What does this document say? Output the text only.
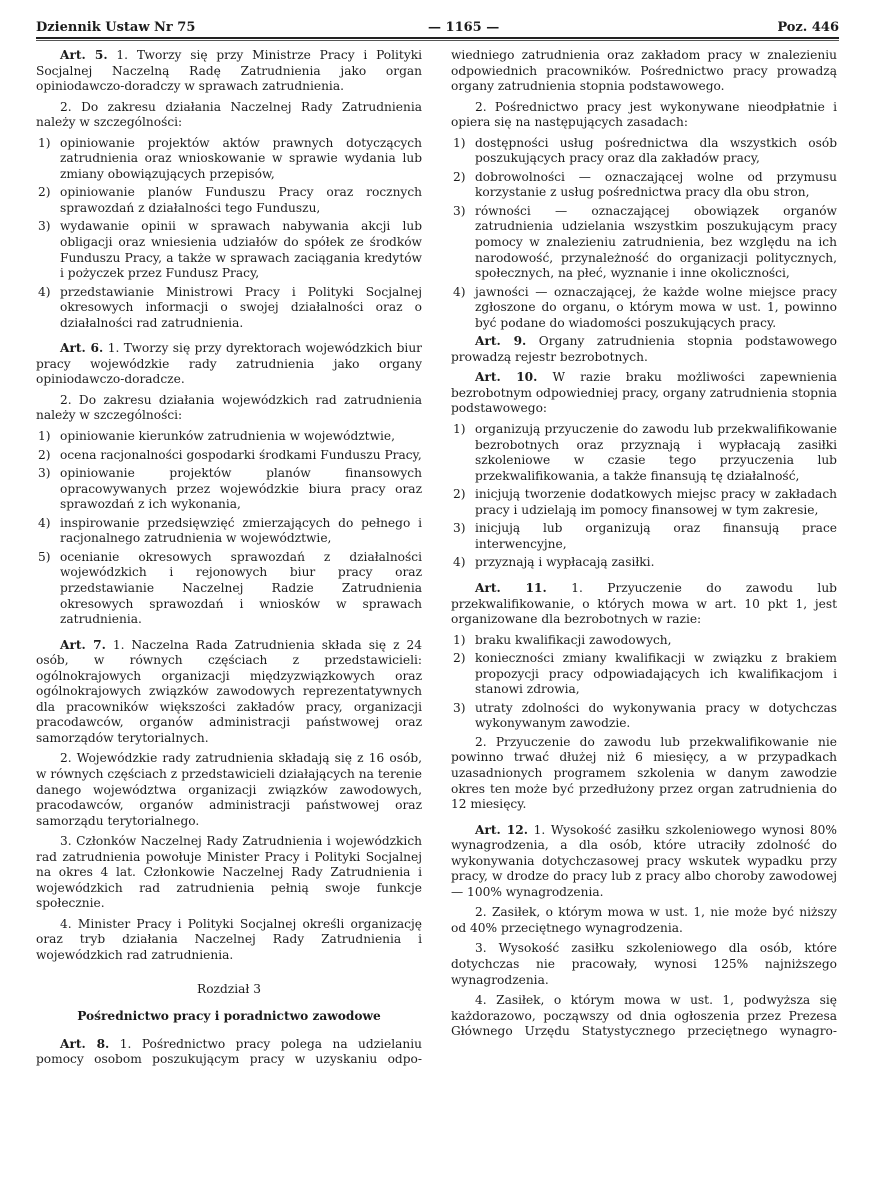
Dziennik Ustaw Nr 75	— 1165 —	Poz. 446

Art. 5. 1. Tworzy się przy Ministrze Pracy i Polityki Socjalnej Naczelną Radę Zatrudnienia jako organ opiniodawczo-doradczy w sprawach zatrudnienia.

2. Do zakresu działania Naczelnej Rady Zatrudnienia należy w szczególności:

1) opiniowanie projektów aktów prawnych dotyczących zatrudnienia oraz wnioskowanie w sprawie wydania lub zmiany obowiązujących przepisów,

2) opiniowanie planów Funduszu Pracy oraz rocznych sprawozdań z działalności tego Funduszu,

3) wydawanie opinii w sprawach nabywania akcji lub obligacji oraz wniesienia udziałów do spółek ze środków Funduszu Pracy, a także w sprawach zaciągania kredytów i pożyczek przez Fundusz Pracy,

4) przedstawianie Ministrowi Pracy i Polityki Socjalnej okresowych informacji o swojej działalności oraz o działalności rad zatrudnienia.

Art. 6. 1. Tworzy się przy dyrektorach wojewódzkich biur pracy wojewódzkie rady zatrudnienia jako organy opiniodawczo-doradcze.

2. Do zakresu działania wojewódzkich rad zatrudnienia należy w szczególności:

1) opiniowanie kierunków zatrudnienia w województwie,

2) ocena racjonalności gospodarki środkami Funduszu Pracy,

3) opiniowanie projektów planów finansowych opracowywanych przez wojewódzkie biura pracy oraz sprawozdań z ich wykonania,

4) inspirowanie przedsięwzięć zmierzających do pełnego i racjonalnego zatrudnienia w województwie,

5) ocenianie okresowych sprawozdań z działalności wojewódzkich i rejonowych biur pracy oraz przedstawianie Naczelnej Radzie Zatrudnienia okresowych sprawozdań i wniosków w sprawach zatrudnienia.

Art. 7. 1. Naczelna Rada Zatrudnienia składa się z 24 osób, w równych częściach z przedstawicieli: ogólnokrajowych organizacji międzyzwiązkowych oraz ogólnokrajowych związków zawodowych reprezentatywnych dla pracowników większości zakładów pracy, organizacji pracodawców, organów administracji państwowej oraz samorządów terytorialnych.

2. Wojewódzkie rady zatrudnienia składają się z 16 osób, w równych częściach z przedstawicieli działających na terenie danego województwa organizacji związków zawodowych, pracodawców, organów administracji państwowej oraz samorządu terytorialnego.

3. Członków Naczelnej Rady Zatrudnienia i wojewódzkich rad zatrudnienia powołuje Minister Pracy i Polityki Socjalnej na okres 4 lat. Członkowie Naczelnej Rady Zatrudnienia i wojewódzkich rad zatrudnienia pełnią swoje funkcje społecznie.

4. Minister Pracy i Polityki Socjalnej określi organizację oraz tryb działania Naczelnej Rady Zatrudnienia i wojewódzkich rad zatrudnienia.

Rozdział 3

Pośrednictwo pracy i poradnictwo zawodowe

Art. 8. 1. Pośrednictwo pracy polega na udzielaniu pomocy osobom poszukującym pracy w uzyskaniu odpo-

wiedniego zatrudnienia oraz zakładom pracy w znalezieniu odpowiednich pracowników. Pośrednictwo pracy prowadzą organy zatrudnienia stopnia podstawowego.

2. Pośrednictwo pracy jest wykonywane nieodpłatnie i opiera się na następujących zasadach:

1) dostępności usług pośrednictwa dla wszystkich osób poszukujących pracy oraz dla zakładów pracy,

2) dobrowolności — oznaczającej wolne od przymusu korzystanie z usług pośrednictwa pracy dla obu stron,

3) równości — oznaczającej obowiązek organów zatrudnienia udzielania wszystkim poszukującym pracy pomocy w znalezieniu zatrudnienia, bez względu na ich narodowość, przynależność do organizacji politycznych, społecznych, na płeć, wyznanie i inne okoliczności,

4) jawności — oznaczającej, że każde wolne miejsce pracy zgłoszone do organu, o którym mowa w ust. 1, powinno być podane do wiadomości poszukujących pracy.

Art. 9. Organy zatrudnienia stopnia podstawowego prowadzą rejestr bezrobotnych.

Art. 10. W razie braku możliwości zapewnienia bezrobotnym odpowiedniej pracy, organy zatrudnienia stopnia podstawowego:

1) organizują przyuczenie do zawodu lub przekwalifikowanie bezrobotnych oraz przyznają i wypłacają zasiłki szkoleniowe w czasie tego przyuczenia lub przekwalifikowania, a także finansują tę działalność,

2) inicjują tworzenie dodatkowych miejsc pracy w zakładach pracy i udzielają im pomocy finansowej w tym zakresie,

3) inicjują lub organizują oraz finansują prace interwencyjne,

4) przyznają i wypłacają zasiłki.

Art. 11. 1. Przyuczenie do zawodu lub przekwalifikowanie, o których mowa w art. 10 pkt 1, jest organizowane dla bezrobotnych w razie:

1) braku kwalifikacji zawodowych,

2) konieczności zmiany kwalifikacji w związku z brakiem propozycji pracy odpowiadających ich kwalifikacjom i stanowi zdrowia,

3) utraty zdolności do wykonywania pracy w dotychczas wykonywanym zawodzie.

2. Przyuczenie do zawodu lub przekwalifikowanie nie powinno trwać dłużej niż 6 miesięcy, a w przypadkach uzasadnionych programem szkolenia w danym zawodzie okres ten może być przedłużony przez organ zatrudnienia do 12 miesięcy.

Art. 12. 1. Wysokość zasiłku szkoleniowego wynosi 80% wynagrodzenia, a dla osób, które utraciły zdolność do wykonywania dotychczasowej pracy wskutek wypadku przy pracy, w drodze do pracy lub z pracy albo choroby zawodowej — 100% wynagrodzenia.

2. Zasiłek, o którym mowa w ust. 1, nie może być niższy od 40% przeciętnego wynagrodzenia.

3. Wysokość zasiłku szkoleniowego dla osób, które dotychczas nie pracowały, wynosi 125% najniższego wynagrodzenia.

4. Zasiłek, o którym mowa w ust. 1, podwyższa się każdorazowo, począwszy od dnia ogłoszenia przez Prezesa Głównego Urzędu Statystycznego przeciętnego wynagro-
